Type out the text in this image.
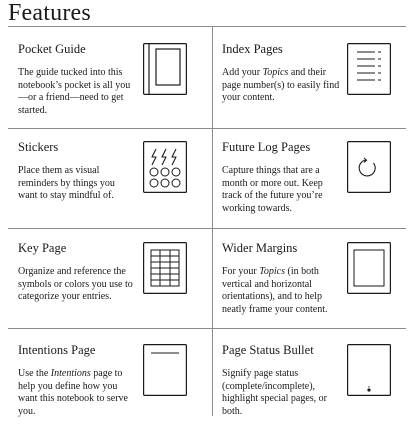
Features
Pocket Guide
The guide tucked into this notebook’s pocket is all you—or a friend—need to get started.
Index Pages
Add your Topics and their page number(s) to easily find your content.
Stickers
Place them as visual reminders by things you want to stay mindful of.
Future Log Pages
Capture things that are a month or more out. Keep track of the future you’re working towards.
Key Page
Organize and reference the symbols or colors you use to categorize your entries.
Wider Margins
For your Topics (in both vertical and horizontal orientations), and to help neatly frame your content.
Intentions Page
Use the Intentions page to help you define how you want this notebook to serve you.
Page Status Bullet
Signify page status (complete/incomplete), highlight special pages, or both.
